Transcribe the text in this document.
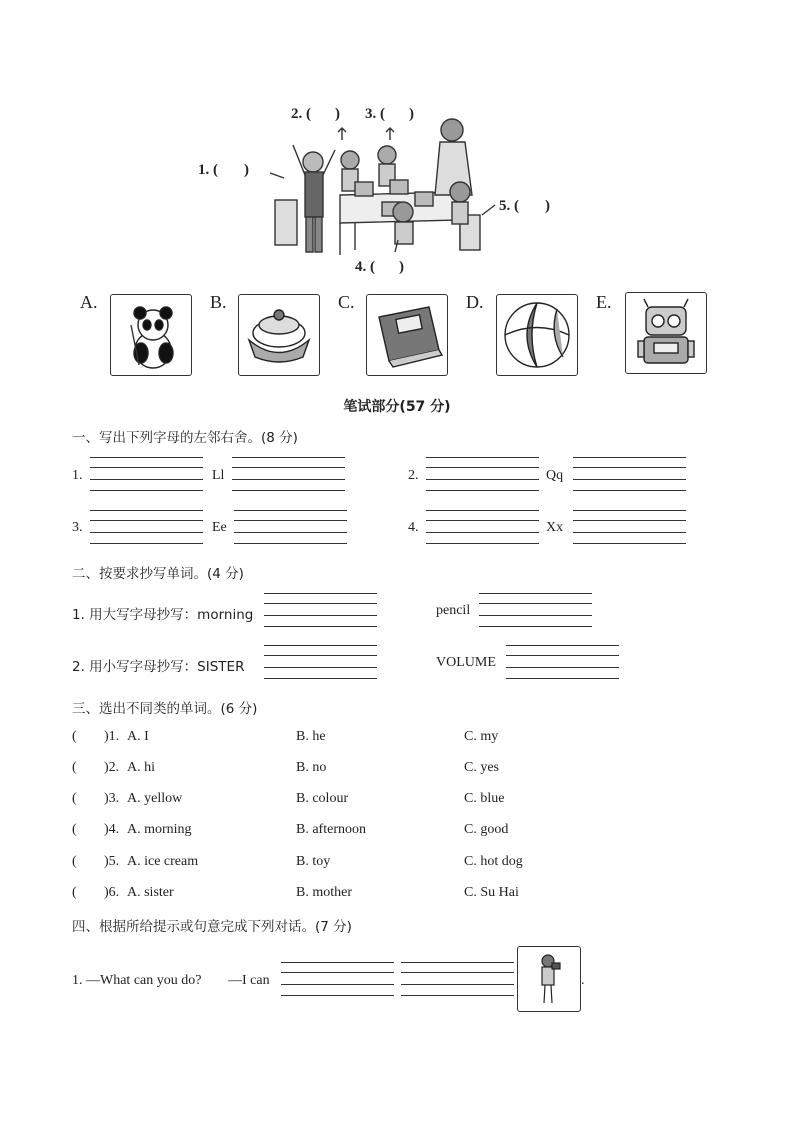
1. ( )
2. ( ) 3. ( )
4. ( )
5. ( )
A.	B.	C.	D.	E.
笔试部分(57 分)
一、写出下列字母的左邻右舍。(8 分)
1.	Ll	2.	Qq
3.	Ee	4.	Xx
二、按要求抄写单词。(4 分)
1. 用大写字母抄写：morning	pencil
2. 用小写字母抄写：SISTER	VOLUME
三、选出不同类的单词。(6 分)
( )1. A. I	B. he	C. my
( )2. A. hi	B. no	C. yes
( )3. A. yellow	B. colour	C. blue
( )4. A. morning	B. afternoon	C. good
( )5. A. ice cream	B. toy	C. hot dog
( )6. A. sister	B. mother	C. Su Hai
四、根据所给提示或句意完成下列对话。(7 分)
1. —What can you do? —I can	.
